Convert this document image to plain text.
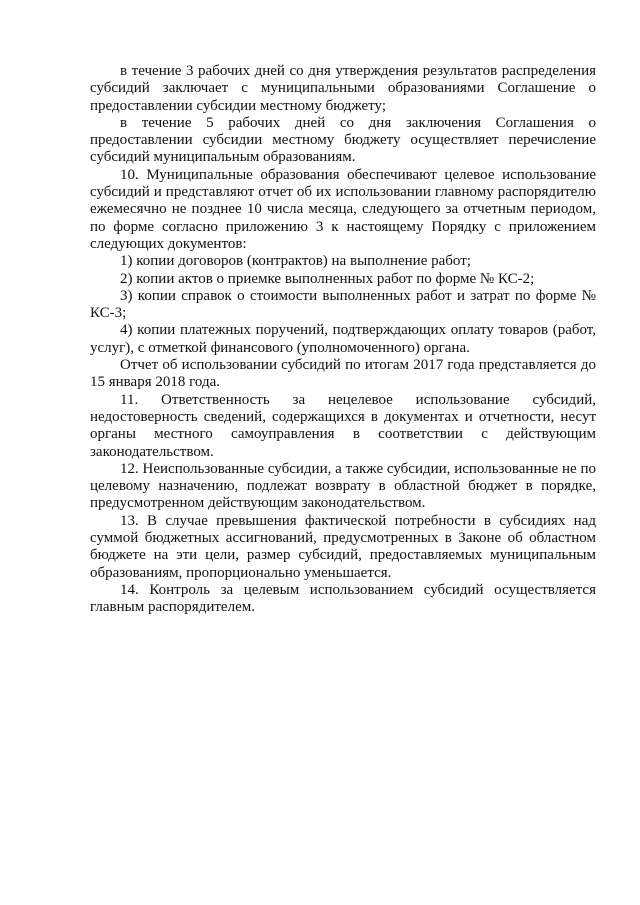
в течение 3 рабочих дней со дня утверждения результатов распределения субсидий заключает с муниципальными образованиями Соглашение о предоставлении субсидии местному бюджету;

в течение 5 рабочих дней со дня заключения Соглашения о предоставлении субсидии местному бюджету осуществляет перечисление субсидий муниципальным образованиям.

10. Муниципальные образования обеспечивают целевое использование субсидий и представляют отчет об их использовании главному распорядителю ежемесячно не позднее 10 числа месяца, следующего за отчетным периодом, по форме согласно приложению 3 к настоящему Порядку с приложением следующих документов:

1) копии договоров (контрактов) на выполнение работ;

2) копии актов о приемке выполненных работ по форме № КС-2;

3) копии справок о стоимости выполненных работ и затрат по форме № КС-3;

4) копии платежных поручений, подтверждающих оплату товаров (работ, услуг), с отметкой финансового (уполномоченного) органа.

Отчет об использовании субсидий по итогам 2017 года представляется до 15 января 2018 года.

11. Ответственность за нецелевое использование субсидий, недостоверность сведений, содержащихся в документах и отчетности, несут органы местного самоуправления в соответствии с действующим законодательством.

12. Неиспользованные субсидии, а также субсидии, использованные не по целевому назначению, подлежат возврату в областной бюджет в порядке, предусмотренном действующим законодательством.

13. В случае превышения фактической потребности в субсидиях над суммой бюджетных ассигнований, предусмотренных в Законе об областном бюджете на эти цели, размер субсидий, предоставляемых муниципальным образованиям, пропорционально уменьшается.

14. Контроль за целевым использованием субсидий осуществляется главным распорядителем.
